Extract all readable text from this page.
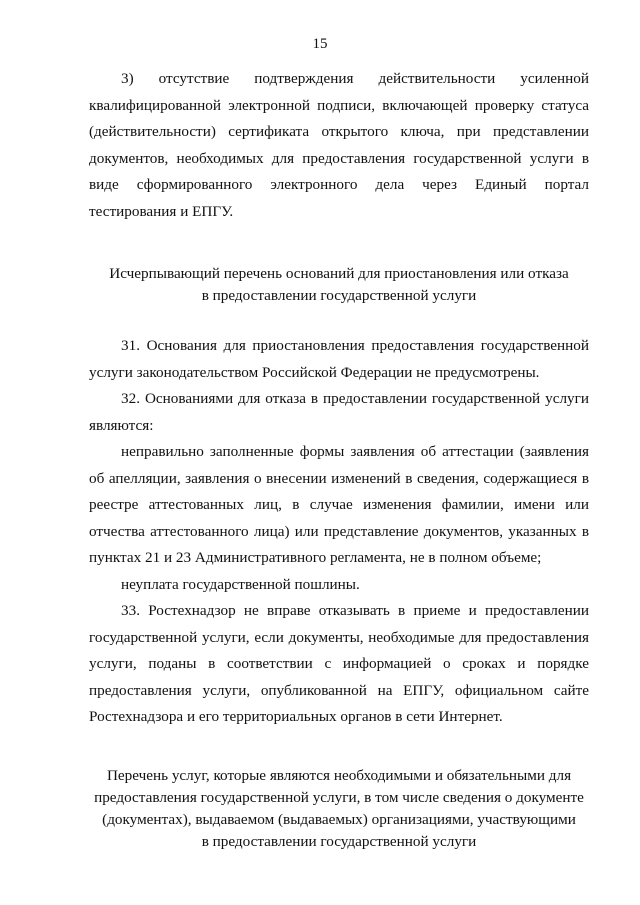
15

3) отсутствие подтверждения действительности усиленной квалифицированной электронной подписи, включающей проверку статуса (действительности) сертификата открытого ключа, при представлении документов, необходимых для предоставления государственной услуги в виде сформированного электронного дела через Единый портал тестирования и ЕПГУ.

Исчерпывающий перечень оснований для приостановления или отказа
в предоставлении государственной услуги

31. Основания для приостановления предоставления государственной услуги законодательством Российской Федерации не предусмотрены.

32. Основаниями для отказа в предоставлении государственной услуги являются:

неправильно заполненные формы заявления об аттестации (заявления об апелляции, заявления о внесении изменений в сведения, содержащиеся в реестре аттестованных лиц, в случае изменения фамилии, имени или отчества аттестованного лица) или представление документов, указанных в пунктах 21 и 23 Административного регламента, не в полном объеме;

неуплата государственной пошлины.

33. Ростехнадзор не вправе отказывать в приеме и предоставлении государственной услуги, если документы, необходимые для предоставления услуги, поданы в соответствии с информацией о сроках и порядке предоставления услуги, опубликованной на ЕПГУ, официальном сайте Ростехнадзора и его территориальных органов в сети Интернет.

Перечень услуг, которые являются необходимыми и обязательными для
предоставления государственной услуги, в том числе сведения о документе
(документах), выдаваемом (выдаваемых) организациями, участвующими
в предоставлении государственной услуги
